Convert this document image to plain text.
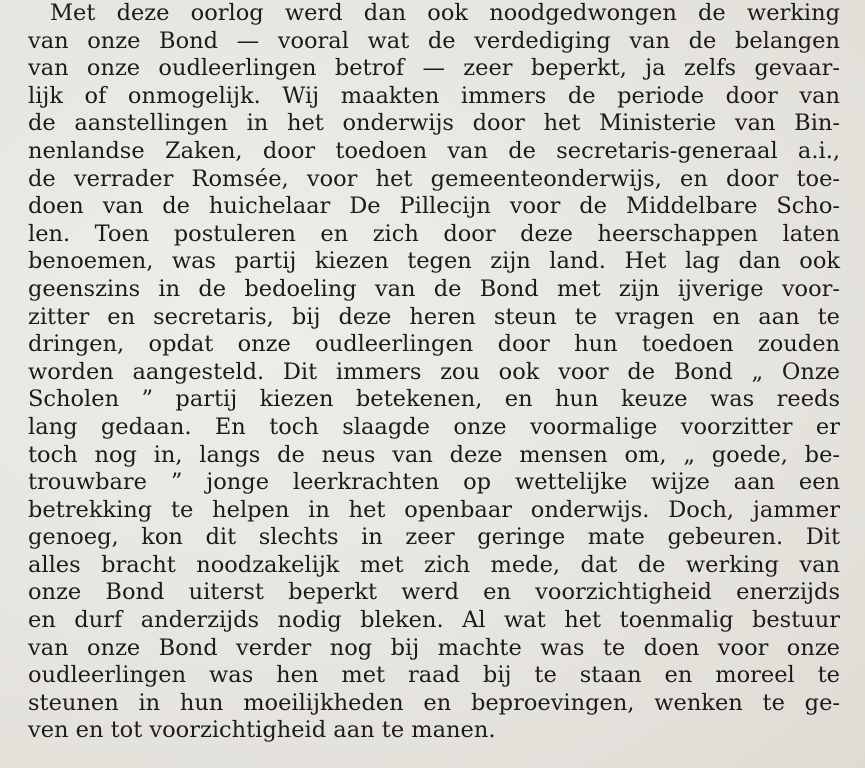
Met deze oorlog werd dan ook noodgedwongen de werking
van onze Bond — vooral wat de verdediging van de belangen
van onze oudleerlingen betrof — zeer beperkt, ja zelfs gevaar-
lijk of onmogelijk. Wij maakten immers de periode door van
de aanstellingen in het onderwijs door het Ministerie van Bin-
nenlandse Zaken, door toedoen van de secretaris-generaal a.i.,
de verrader Romsée, voor het gemeenteonderwijs, en door toe-
doen van de huichelaar De Pillecijn voor de Middelbare Scho-
len. Toen postuleren en zich door deze heerschappen laten
benoemen, was partij kiezen tegen zijn land. Het lag dan ook
geenszins in de bedoeling van de Bond met zijn ijverige voor-
zitter en secretaris, bij deze heren steun te vragen en aan te
dringen, opdat onze oudleerlingen door hun toedoen zouden
worden aangesteld. Dit immers zou ook voor de Bond „ Onze
Scholen ” partij kiezen betekenen, en hun keuze was reeds
lang gedaan. En toch slaagde onze voormalige voorzitter er
toch nog in, langs de neus van deze mensen om, „ goede, be-
trouwbare ” jonge leerkrachten op wettelijke wijze aan een
betrekking te helpen in het openbaar onderwijs. Doch, jammer
genoeg, kon dit slechts in zeer geringe mate gebeuren. Dit
alles bracht noodzakelijk met zich mede, dat de werking van
onze Bond uiterst beperkt werd en voorzichtigheid enerzijds
en durf anderzijds nodig bleken. Al wat het toenmalig bestuur
van onze Bond verder nog bij machte was te doen voor onze
oudleerlingen was hen met raad bij te staan en moreel te
steunen in hun moeilijkheden en beproevingen, wenken te ge-
ven en tot voorzichtigheid aan te manen.
